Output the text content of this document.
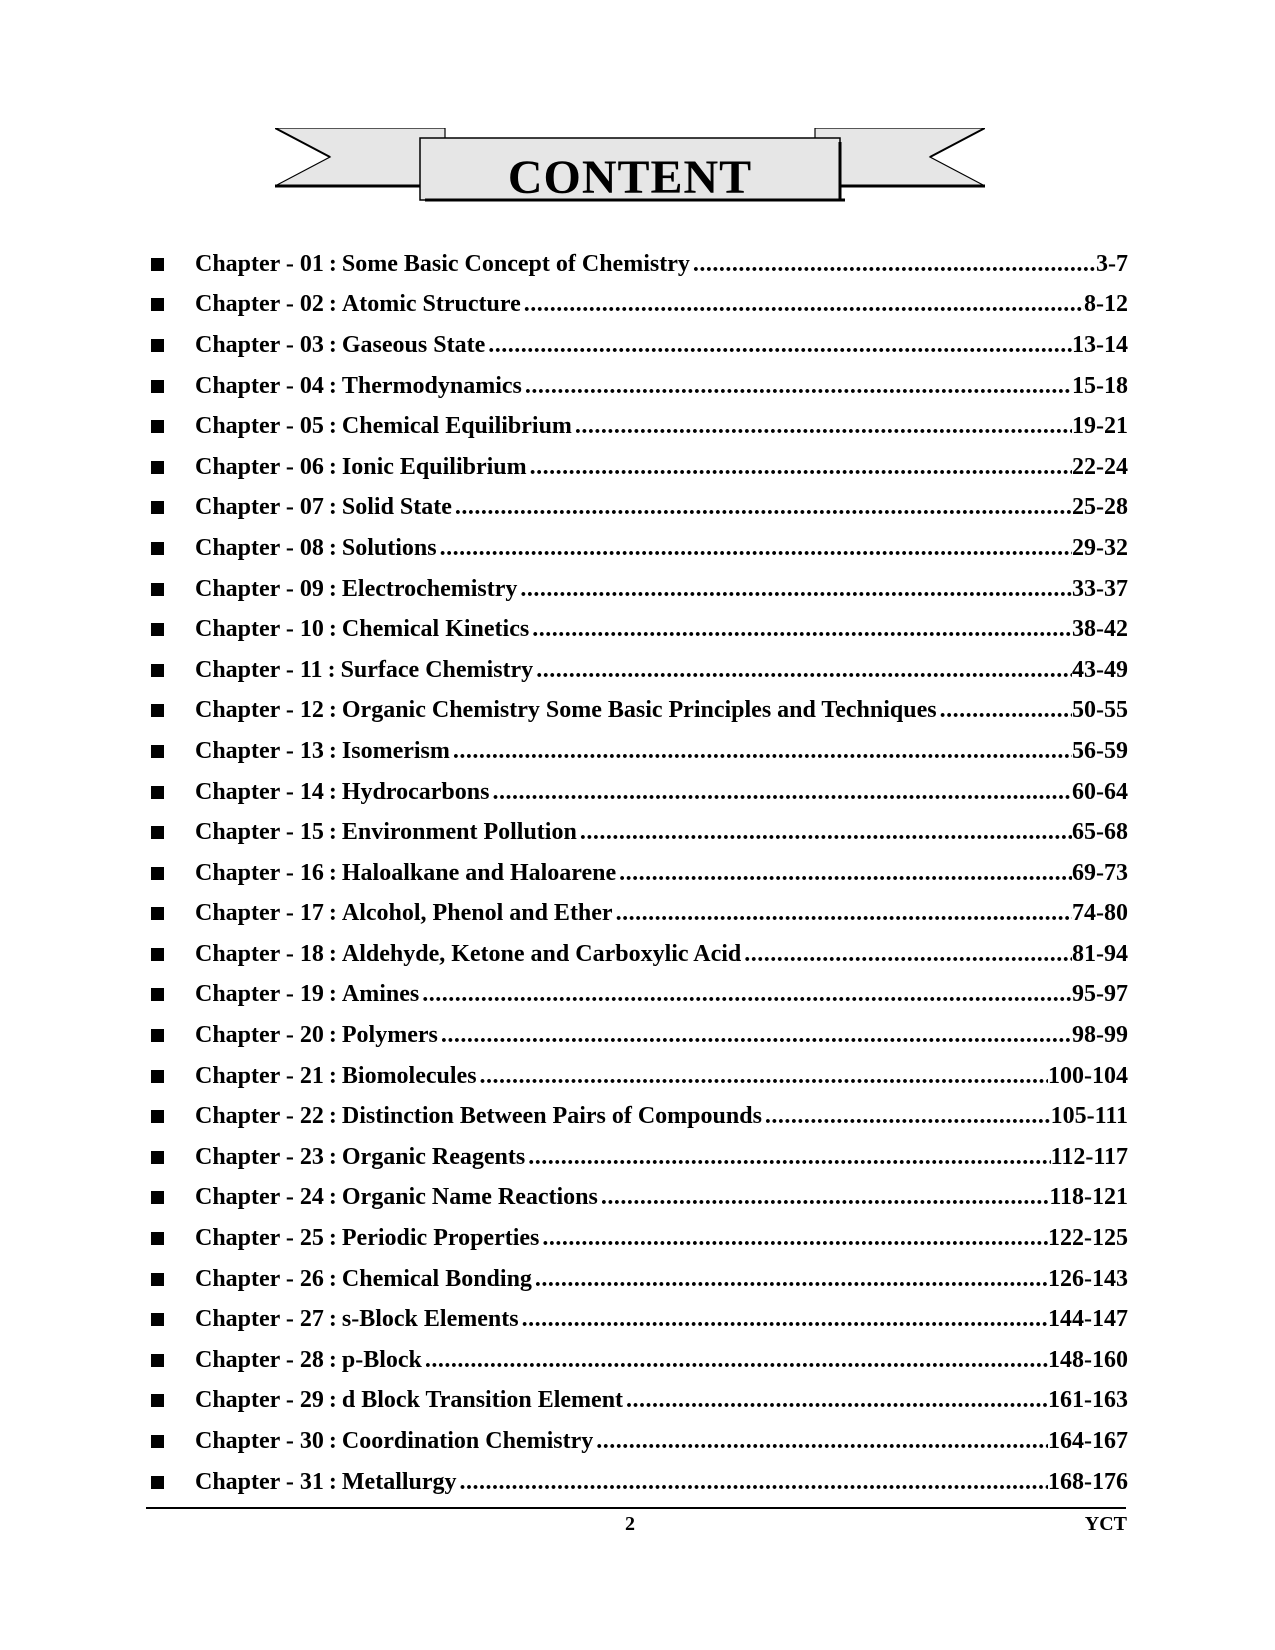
CONTENT
Chapter - 01 : Some Basic Concept of Chemistry .....	3-7
Chapter - 02 : Atomic Structure .....	8-12
Chapter - 03 : Gaseous State .....	13-14
Chapter - 04 : Thermodynamics .....	15-18
Chapter - 05 : Chemical Equilibrium .....	19-21
Chapter - 06 : Ionic Equilibrium .....	22-24
Chapter - 07 : Solid State .....	25-28
Chapter - 08 : Solutions .....	29-32
Chapter - 09 : Electrochemistry .....	33-37
Chapter - 10 : Chemical Kinetics .....	38-42
Chapter - 11 : Surface Chemistry .....	43-49
Chapter - 12 : Organic Chemistry Some Basic Principles and Techniques .....	50-55
Chapter - 13 : Isomerism .....	56-59
Chapter - 14 : Hydrocarbons .....	60-64
Chapter - 15 : Environment Pollution .....	65-68
Chapter - 16 : Haloalkane and Haloarene .....	69-73
Chapter - 17 : Alcohol, Phenol and Ether .....	74-80
Chapter - 18 : Aldehyde, Ketone and Carboxylic Acid .....	81-94
Chapter - 19 : Amines .....	95-97
Chapter - 20 : Polymers .....	98-99
Chapter - 21 : Biomolecules .....	100-104
Chapter - 22 : Distinction Between Pairs of Compounds .....	105-111
Chapter - 23 : Organic Reagents .....	112-117
Chapter - 24 : Organic Name Reactions .....	118-121
Chapter - 25 : Periodic Properties .....	122-125
Chapter - 26 : Chemical Bonding .....	126-143
Chapter - 27 : s-Block Elements .....	144-147
Chapter - 28 : p-Block .....	148-160
Chapter - 29 : d Block Transition Element .....	161-163
Chapter - 30 : Coordination Chemistry .....	164-167
Chapter - 31 : Metallurgy .....	168-176
2	YCT
